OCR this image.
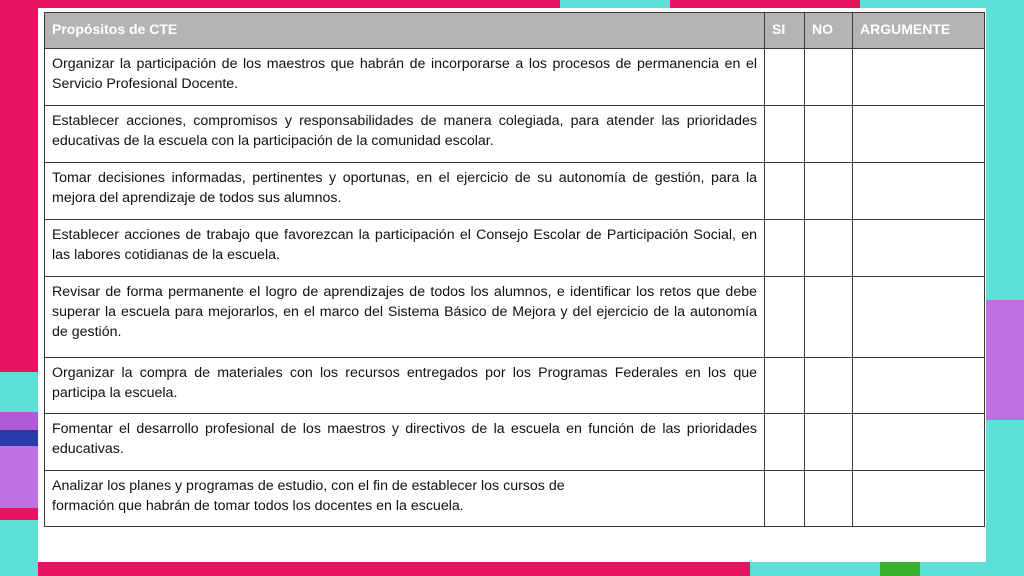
Propósitos de CTE	SI	NO	ARGUMENTE
Organizar la participación de los maestros que habrán de incorporarse a los procesos de permanencia en el Servicio Profesional Docente.			
Establecer acciones, compromisos y responsabilidades de manera colegiada, para atender las prioridades educativas de la escuela con la participación de la comunidad escolar.			
Tomar decisiones informadas, pertinentes y oportunas, en el ejercicio de su autonomía de gestión, para la mejora del aprendizaje de todos sus alumnos.			
Establecer acciones de trabajo que favorezcan la participación el Consejo Escolar de Participación Social, en las labores cotidianas de la escuela.			
Revisar de forma permanente el logro de aprendizajes de todos los alumnos, e identificar los retos que debe superar la escuela para mejorarlos, en el marco del Sistema Básico de Mejora y del ejercicio de la autonomía de gestión.			
Organizar la compra de materiales con los recursos entregados por los Programas Federales en los que participa la escuela.			
Fomentar el desarrollo profesional de los maestros y directivos de la escuela en función de las prioridades educativas.			
Analizar los planes y programas de estudio, con el fin de establecer los cursos de
formación que habrán de tomar todos los docentes en la escuela.			
